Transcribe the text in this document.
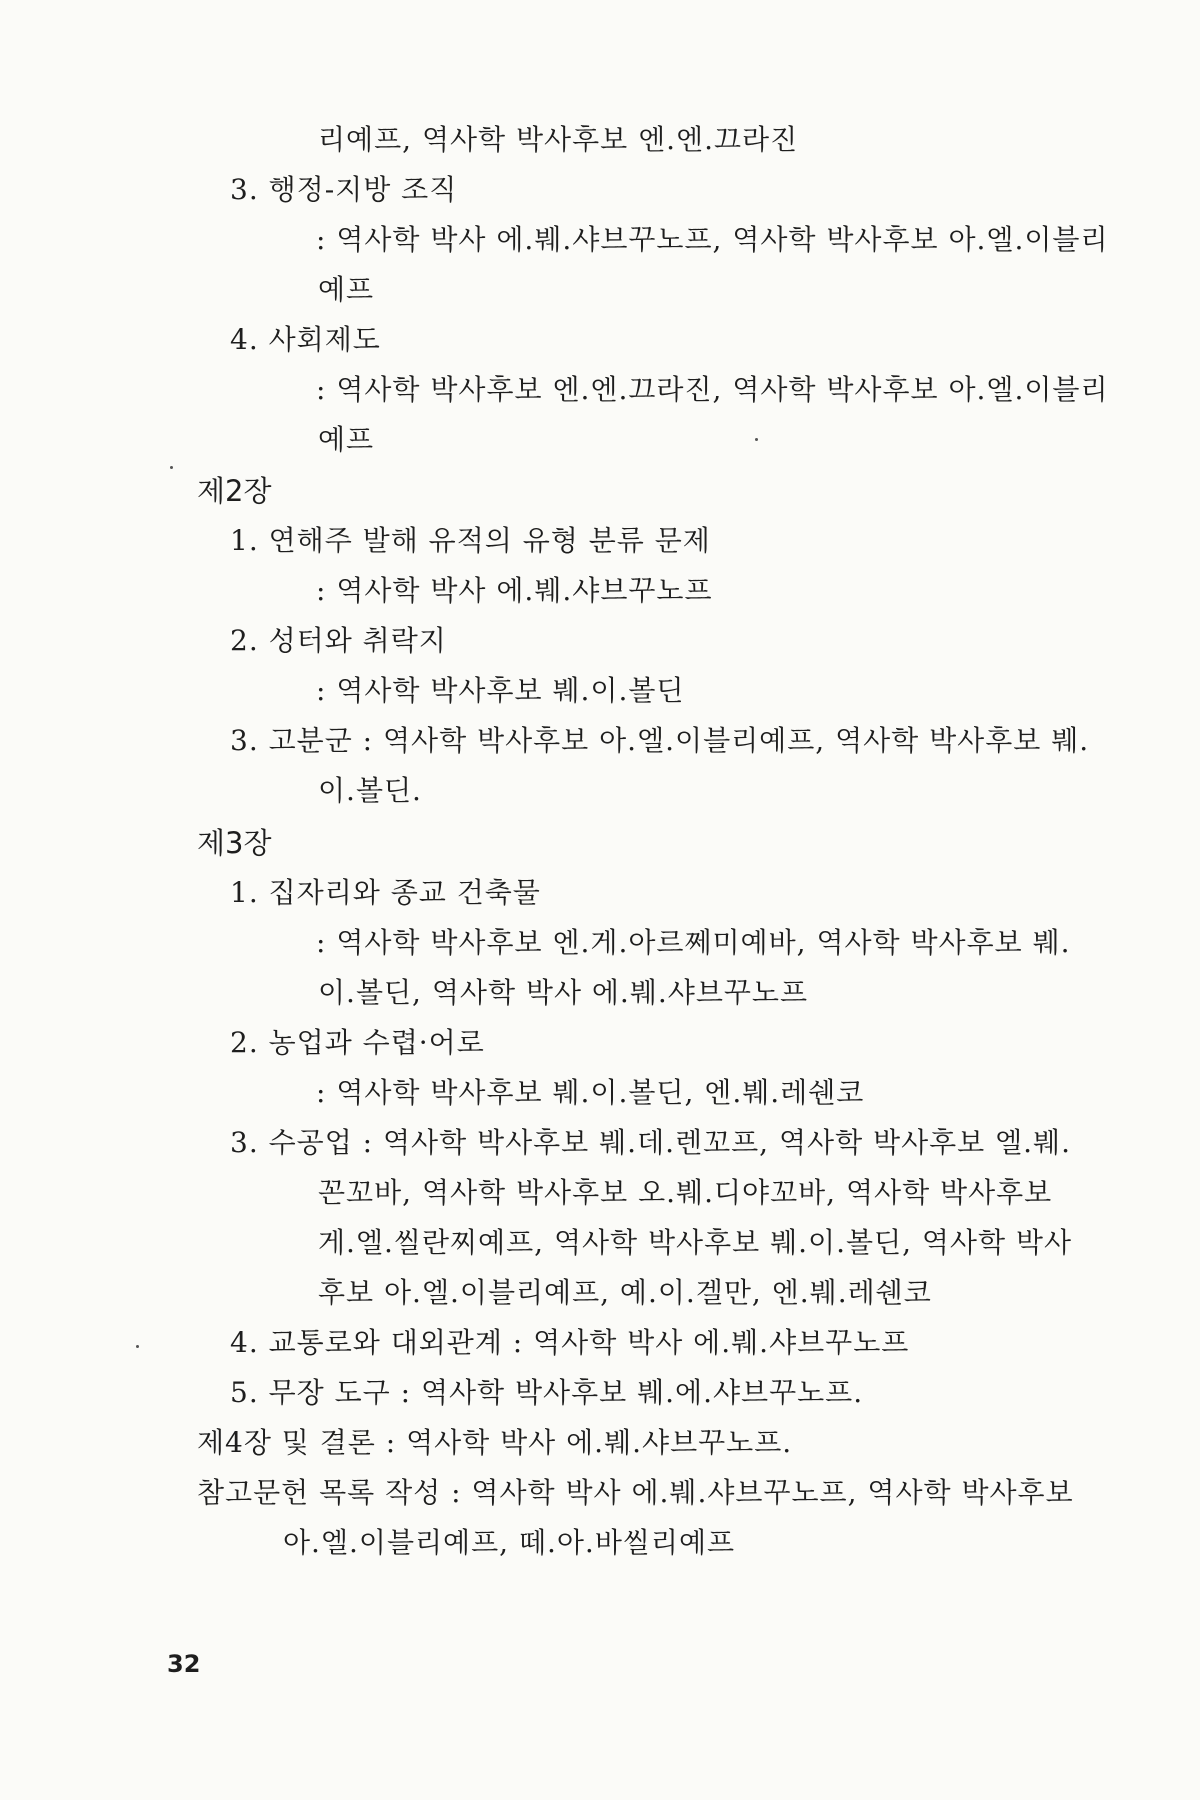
리예프, 역사학 박사후보 엔.엔.끄라진
3. 행정-지방 조직
: 역사학 박사 에.붸.샤브꾸노프, 역사학 박사후보 아.엘.이블리
예프
4. 사회제도
: 역사학 박사후보 엔.엔.끄라진, 역사학 박사후보 아.엘.이블리
예프
제2장
1. 연해주 발해 유적의 유형 분류 문제
: 역사학 박사 에.붸.샤브꾸노프
2. 성터와 취락지
: 역사학 박사후보 붸.이.볼딘
3. 고분군 : 역사학 박사후보 아.엘.이블리예프, 역사학 박사후보 붸.
이.볼딘.
제3장
1. 집자리와 종교 건축물
: 역사학 박사후보 엔.게.아르쩨미예바, 역사학 박사후보 붸.
이.볼딘, 역사학 박사 에.붸.샤브꾸노프
2. 농업과 수렵·어로
: 역사학 박사후보 붸.이.볼딘, 엔.붸.레쉔코
3. 수공업 : 역사학 박사후보 붸.데.렌꼬프, 역사학 박사후보 엘.붸.
꼰꼬바, 역사학 박사후보 오.붸.디야꼬바, 역사학 박사후보
게.엘.씰란찌예프, 역사학 박사후보 붸.이.볼딘, 역사학 박사
후보 아.엘.이블리예프, 예.이.겔만, 엔.붸.레쉔코
4. 교통로와 대외관계 : 역사학 박사 에.붸.샤브꾸노프
5. 무장 도구 : 역사학 박사후보 붸.에.샤브꾸노프.
제4장 및 결론 : 역사학 박사 에.붸.샤브꾸노프.
참고문헌 목록 작성 : 역사학 박사 에.붸.샤브꾸노프, 역사학 박사후보
아.엘.이블리예프, 떼.아.바씰리예프
32
